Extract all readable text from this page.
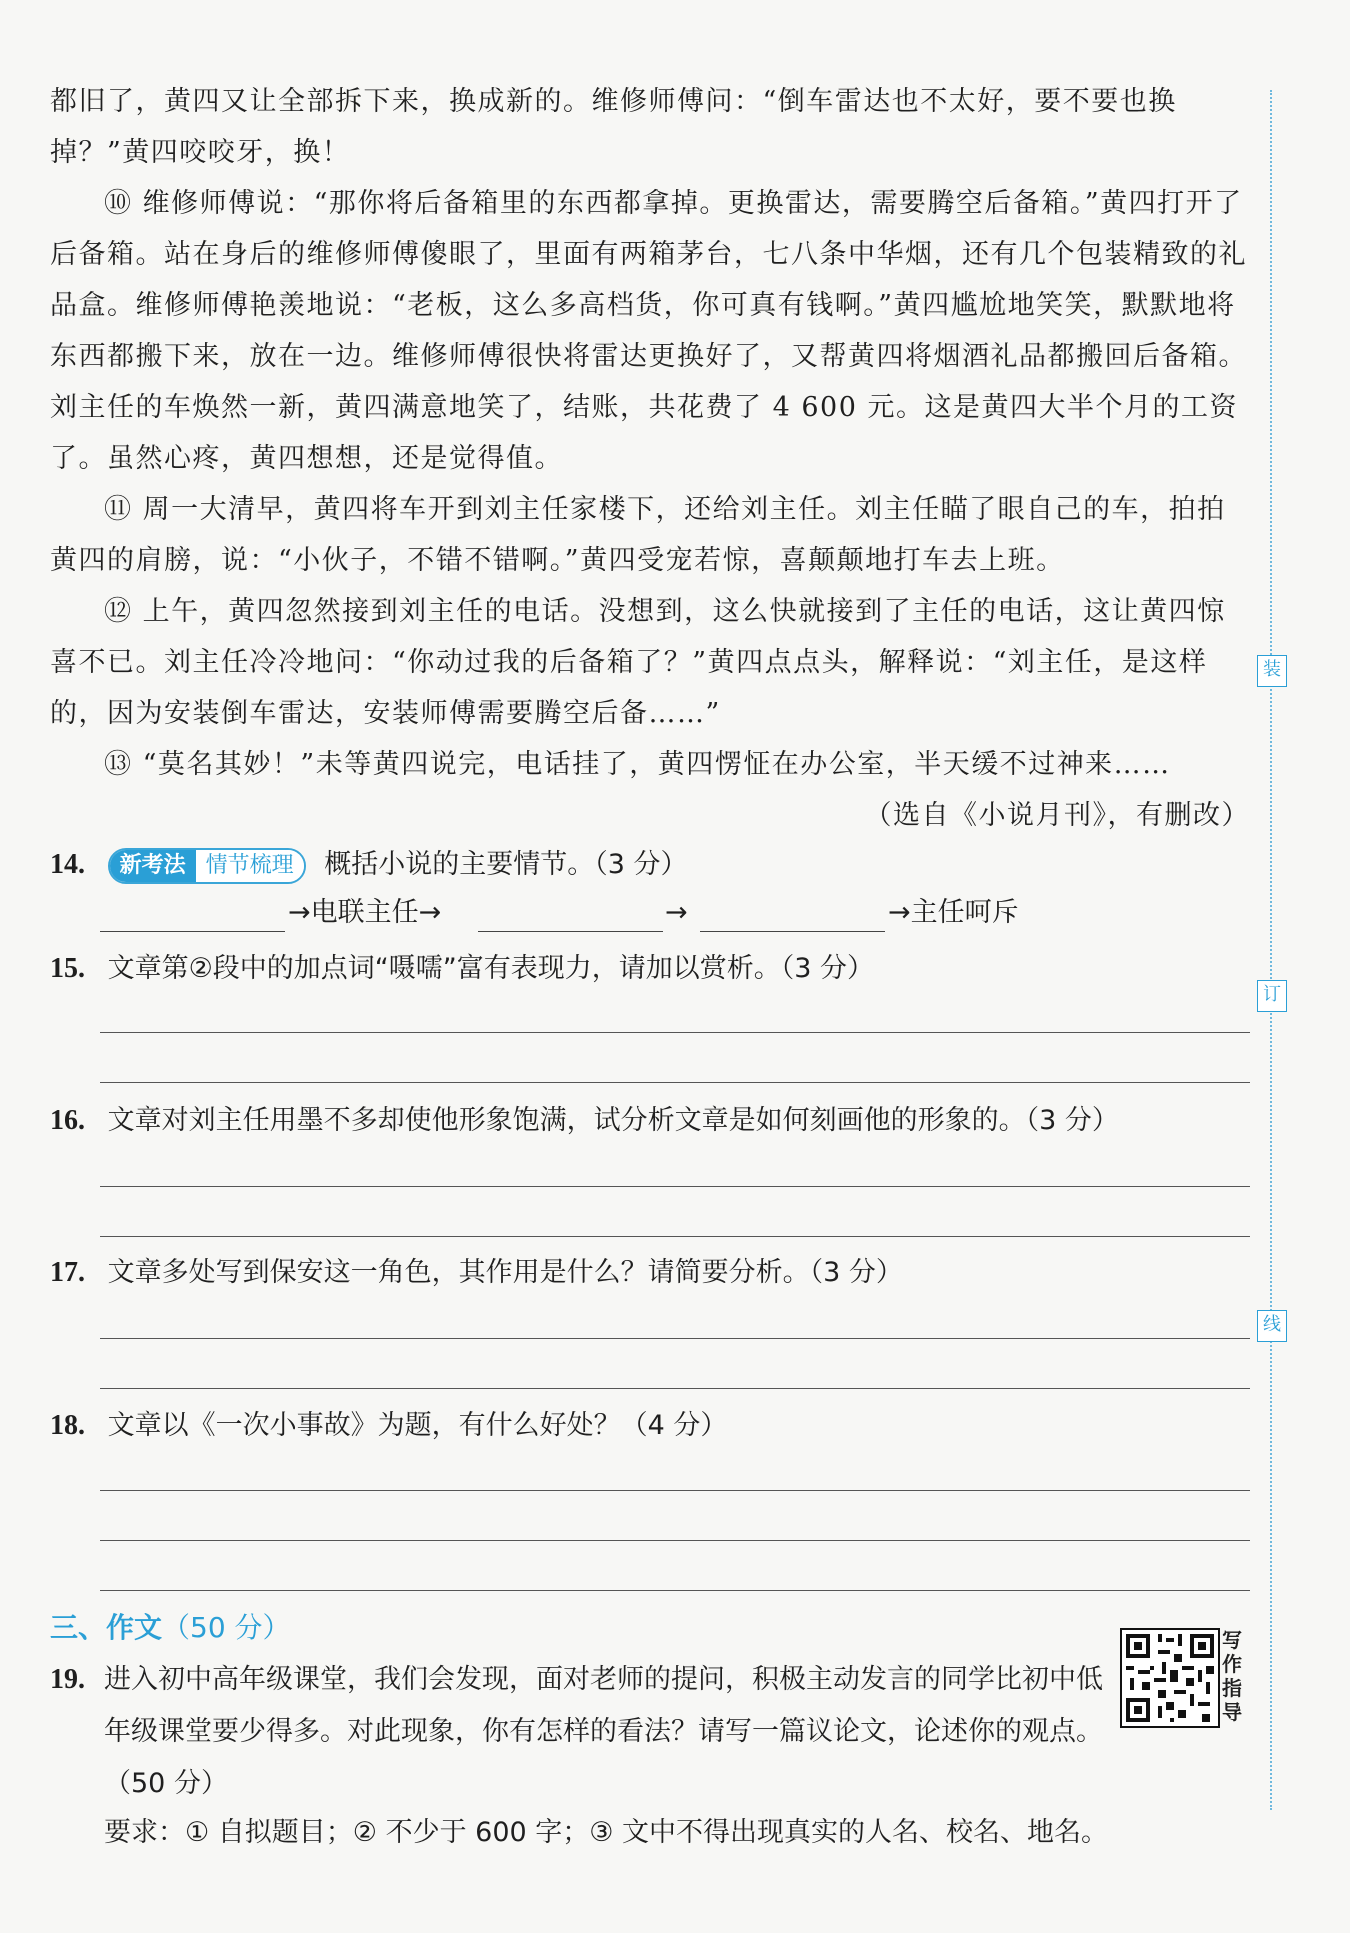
都旧了，黄四又让全部拆下来，换成新的。维修师傅问：“倒车雷达也不太好，要不要也换掉？”黄四咬咬牙，换！

⑩ 维修师傅说：“那你将后备箱里的东西都拿掉。更换雷达，需要腾空后备箱。”黄四打开了后备箱。站在身后的维修师傅傻眼了，里面有两箱茅台，七八条中华烟，还有几个包装精致的礼品盒。维修师傅艳羡地说：“老板，这么多高档货，你可真有钱啊。”黄四尴尬地笑笑，默默地将东西都搬下来，放在一边。维修师傅很快将雷达更换好了，又帮黄四将烟酒礼品都搬回后备箱。刘主任的车焕然一新，黄四满意地笑了，结账，共花费了 4 600 元。这是黄四大半个月的工资了。虽然心疼，黄四想想，还是觉得值。

⑪ 周一大清早，黄四将车开到刘主任家楼下，还给刘主任。刘主任瞄了眼自己的车，拍拍黄四的肩膀，说：“小伙子，不错不错啊。”黄四受宠若惊，喜颠颠地打车去上班。

⑫ 上午，黄四忽然接到刘主任的电话。没想到，这么快就接到了主任的电话，这让黄四惊喜不已。刘主任冷冷地问：“你动过我的后备箱了？”黄四点点头，解释说：“刘主任，是这样的，因为安装倒车雷达，安装师傅需要腾空后备……”

⑬ “莫名其妙！”未等黄四说完，电话挂了，黄四愣怔在办公室，半天缓不过神来……

（选自《小说月刊》，有删改）

14.	新考法 情节梳理	概括小说的主要情节。（3 分）
→电联主任→	→	→主任呵斥
15. 文章第②段中的加点词“嗫嚅”富有表现力，请加以赏析。（3 分）
16. 文章对刘主任用墨不多却使他形象饱满，试分析文章是如何刻画他的形象的。（3 分）
17. 文章多处写到保安这一角色，其作用是什么？请简要分析。（3 分）
18. 文章以《一次小事故》为题，有什么好处？（4 分）
三、作文（50 分）
19. 进入初中高年级课堂，我们会发现，面对老师的提问，积极主动发言的同学比初中低年级课堂要少得多。对此现象，你有怎样的看法？请写一篇议论文，论述你的观点。（50 分）
要求：① 自拟题目；② 不少于 600 字；③ 文中不得出现真实的人名、校名、地名。
写作指导
装
订
线
